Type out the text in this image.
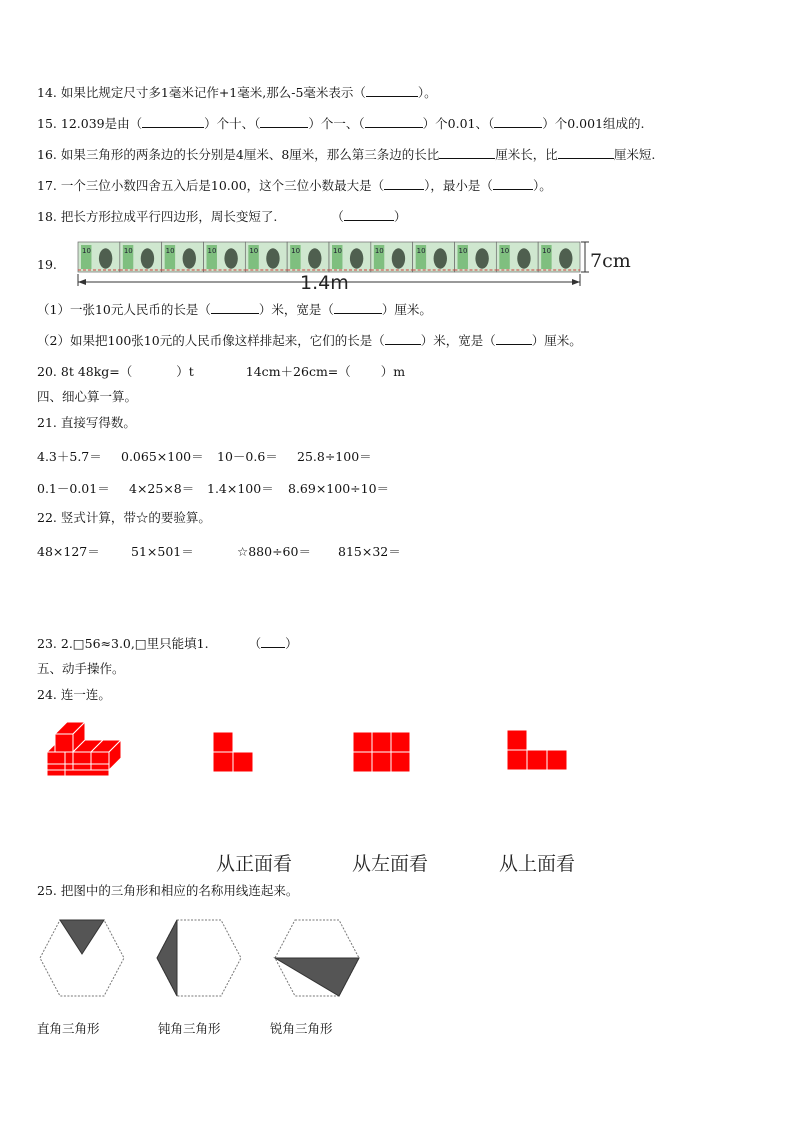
14. 如果比规定尺寸多1毫米记作+1毫米,那么-5毫米表示（	）。
15. 12.039是由（	）个十、（	）个一、（	）个0.01、（	）个0.001组成的.
16. 如果三角形的两条边的长分别是4厘米、8厘米，那么第三条边的长比	厘米长，比	厘米短.
17. 一个三位小数四舍五入后是10.00，这个三位小数最大是（	），最小是（	）。
18. 把长方形拉成平行四边形，周长变短了.	（	）
19.
10	10	10	10	10	10	10	10	10	10	10	10 7cm
1.4m
（1）一张10元人民币的长是（	）米，宽是（	）厘米。
（2）如果把100张10元的人民币像这样排起来，它们的长是（	）米，宽是（	）厘米。
20. 8t 48kg=（	）t	14cm＋26cm=（ ）m
四、细心算一算。
21. 直接写得数。
4.3＋5.7＝ 0.065×100＝ 10－0.6＝ 25.8÷100＝
0.1－0.01＝ 4×25×8＝ 1.4×100＝ 8.69×100÷10＝
22. 竖式计算，带☆的要验算。
48×127＝	51×501＝	☆880÷60＝ 815×32＝
23. 2.□56≈3.0,□里只能填1.	（ ）
五、动手操作。
24. 连一连。
从正面看	从左面看	从上面看
25. 把图中的三角形和相应的名称用线连起来。
直角三角形	钝角三角形	锐角三角形
